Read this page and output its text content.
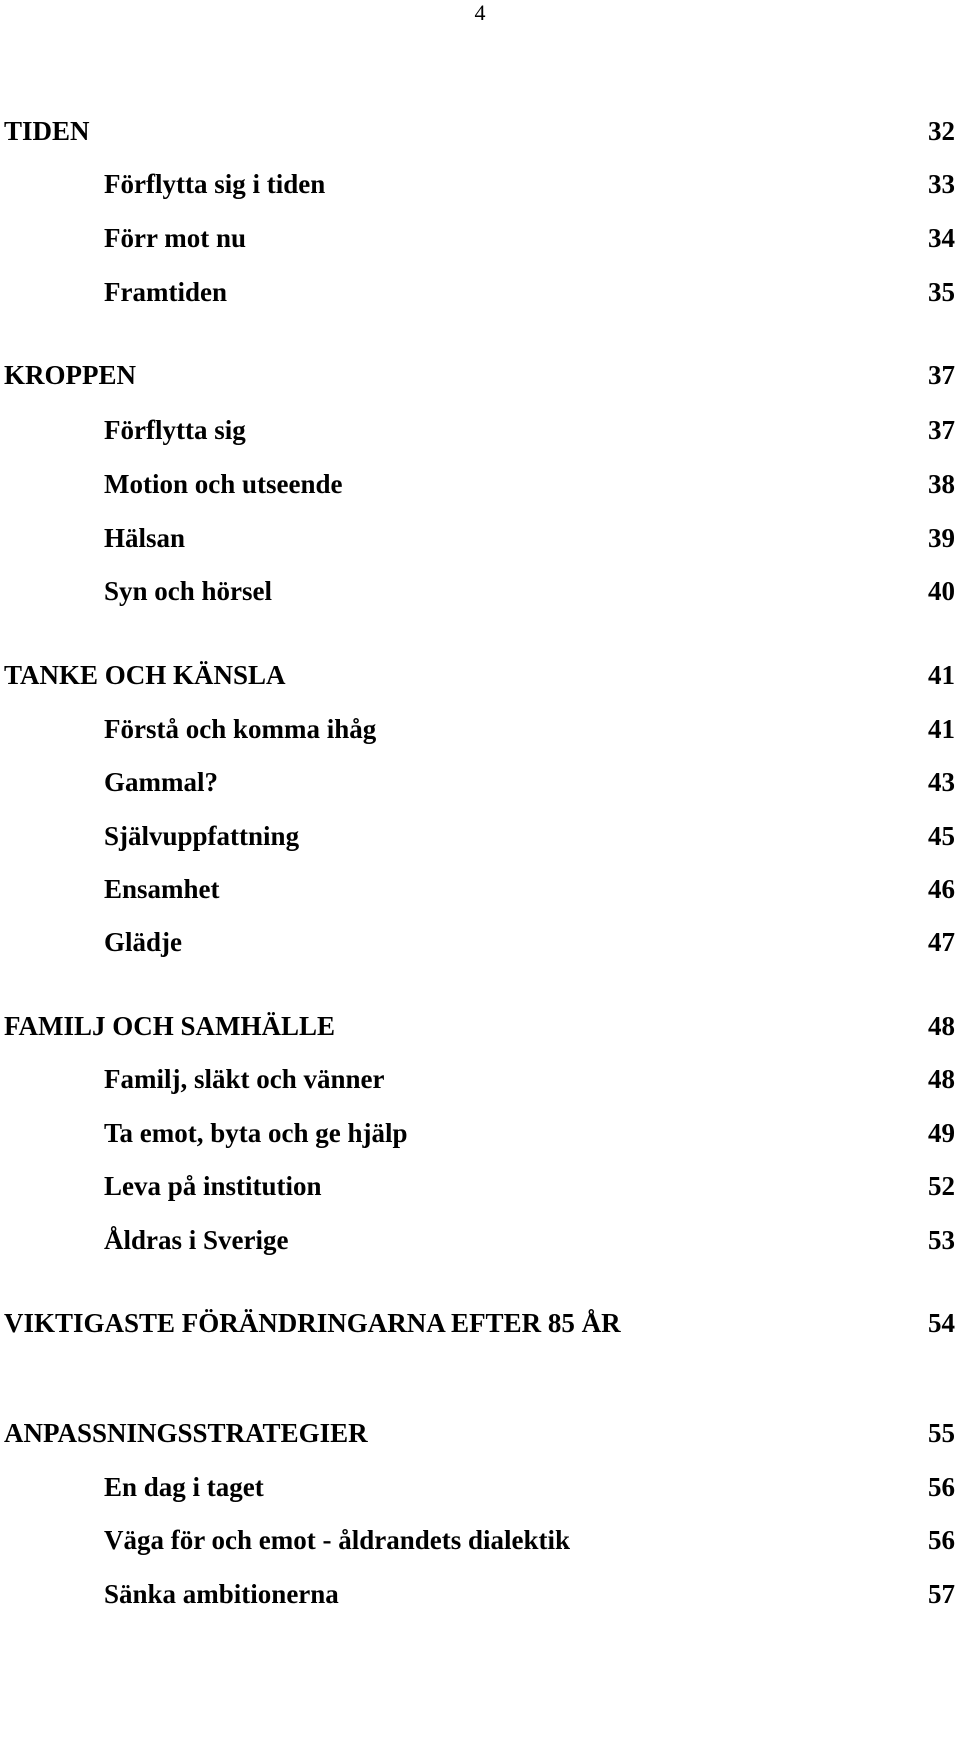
4
TIDEN	32
Förflytta sig i tiden	33
Förr mot nu	34
Framtiden	35
KROPPEN	37
Förflytta sig	37
Motion och utseende	38
Hälsan	39
Syn och hörsel	40
TANKE OCH KÄNSLA	41
Förstå och komma ihåg	41
Gammal?	43
Självuppfattning	45
Ensamhet	46
Glädje	47
FAMILJ OCH SAMHÄLLE	48
Familj, släkt och vänner	48
Ta emot, byta och ge hjälp	49
Leva på institution	52
Åldras i Sverige	53
VIKTIGASTE FÖRÄNDRINGARNA EFTER 85 ÅR	54
ANPASSNINGSSTRATEGIER	55
En dag i taget	56
Väga för och emot - åldrandets dialektik	56
Sänka ambitionerna	57
